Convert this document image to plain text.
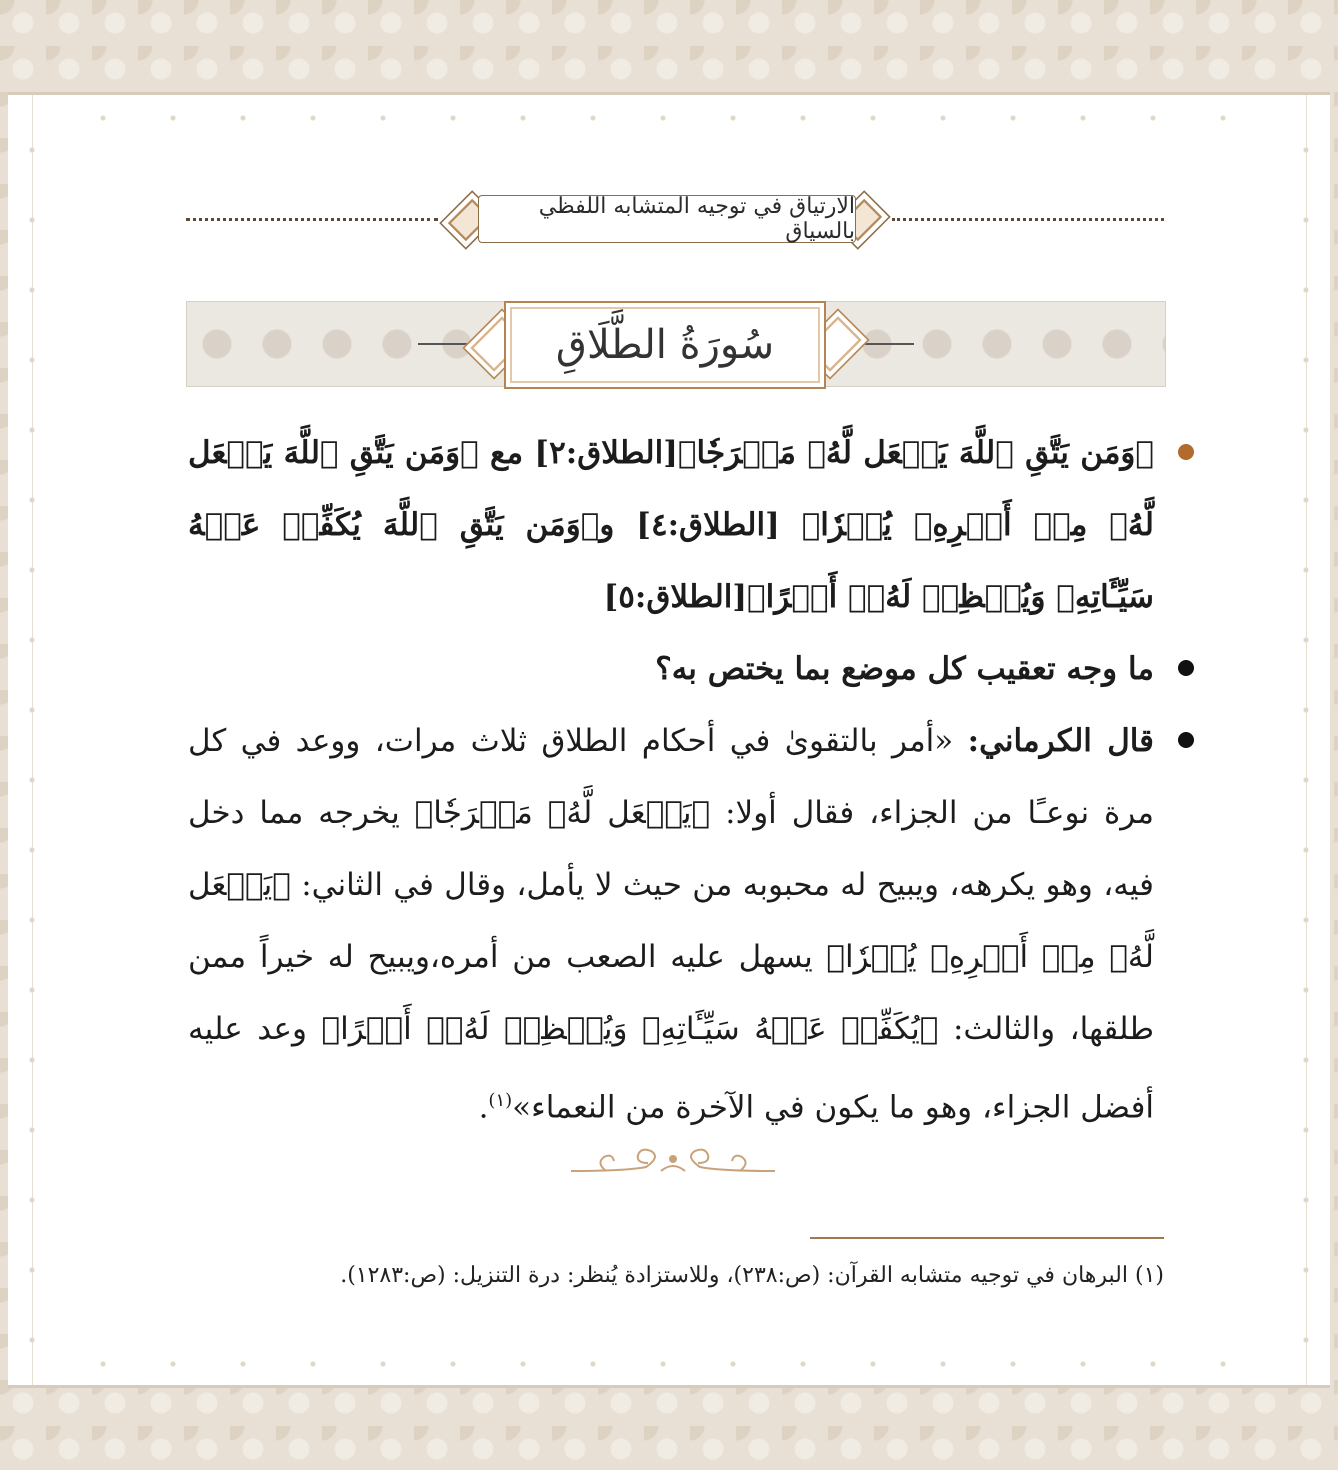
الارتياق في توجيه المتشابه اللفظي بالسياق
سُورَةُ الطَّلَاقِ
﴿وَمَن يَتَّقِ ٱللَّهَ يَجۡعَل لَّهُۥ مَخۡرَجٗا﴾[الطلاق:٢] مع ﴿وَمَن يَتَّقِ ٱللَّهَ يَجۡعَل لَّهُۥ مِنۡ أَمۡرِهِۦ يُسۡرٗا﴾ [الطلاق:٤] و﴿وَمَن يَتَّقِ ٱللَّهَ يُكَفِّرۡ عَنۡهُ سَيِّـَٔاتِهِۦ وَيُعۡظِمۡ لَهُۥٓ أَجۡرًا﴾[الطلاق:٥]
ما وجه تعقيب كل موضع بما يختص به؟
قال الكرماني: «أمر بالتقوىٰ في أحكام الطلاق ثلاث مرات، ووعد في كل مرة نوعـًا من الجزاء، فقال أولا: ﴿يَجۡعَل لَّهُۥ مَخۡرَجٗا﴾ يخرجه مما دخل فيه، وهو يكرهه، ويبيح له محبوبه من حيث لا يأمل، وقال في الثاني: ﴿يَجۡعَل لَّهُۥ مِنۡ أَمۡرِهِۦ يُسۡرٗا﴾ يسهل عليه الصعب من أمره،ويبيح له خيراً ممن طلقها، والثالث: ﴿يُكَفِّرۡ عَنۡهُ سَيِّـَٔاتِهِۦ وَيُعۡظِمۡ لَهُۥٓ أَجۡرًا﴾ وعد عليه أفضل الجزاء، وهو ما يكون في الآخرة من النعماء»$^{(١)}$.
(١) البرهان في توجيه متشابه القرآن: (ص:٢٣٨)، وللاستزادة يُنظر: درة التنزيل: (ص:١٢٨٣).
